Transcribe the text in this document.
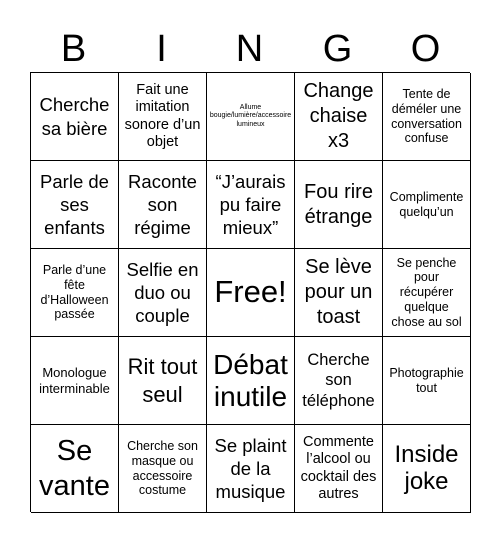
B	I	N	G	O
Cherche sa bière
Fait une imitation sonore d’un objet
Allume bougie/lumière/accessoire lumineux
Change chaise x3
Tente de déméler une conversation confuse
Parle de ses enfants
Raconte son régime
“J’aurais pu faire mieux”
Fou rire étrange
Complimente quelqu’un
Parle d’une fête d’Halloween passée
Selfie en duo ou couple
Free!
Se lève pour un toast
Se penche pour récupérer quelque chose au sol
Monologue interminable
Rit tout seul
Débat inutile
Cherche son téléphone
Photographie tout
Se vante
Cherche son masque ou accessoire costume
Se plaint de la musique
Commente l’alcool ou cocktail des autres
Inside joke
